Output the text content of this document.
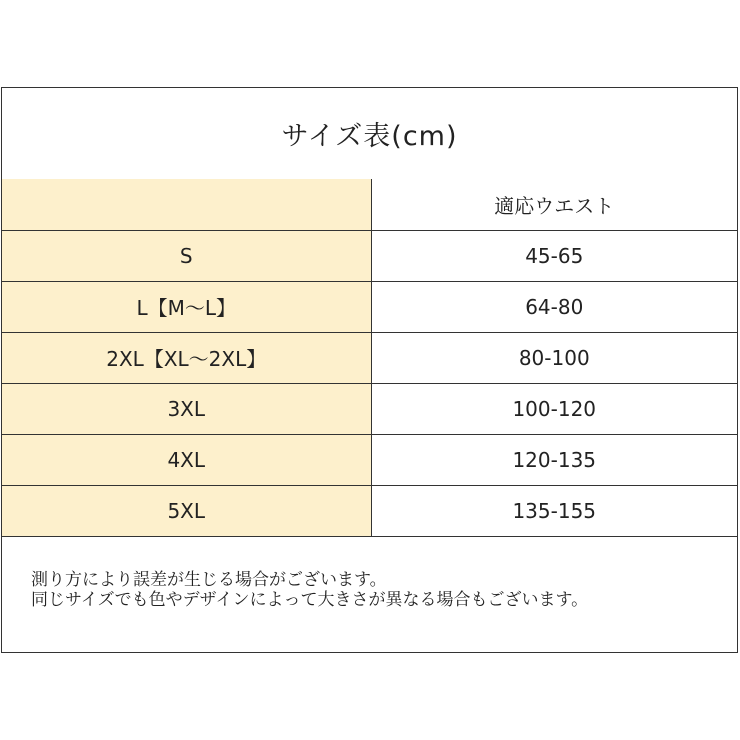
サイズ表(cm)
	適応ウエスト
S	45-65
L【M～L】	64-80
2XL【XL～2XL】	80-100
3XL	100-120
4XL	120-135
5XL	135-155
測り方により誤差が生じる場合がございます。
同じサイズでも色やデザインによって大きさが異なる場合もございます。
